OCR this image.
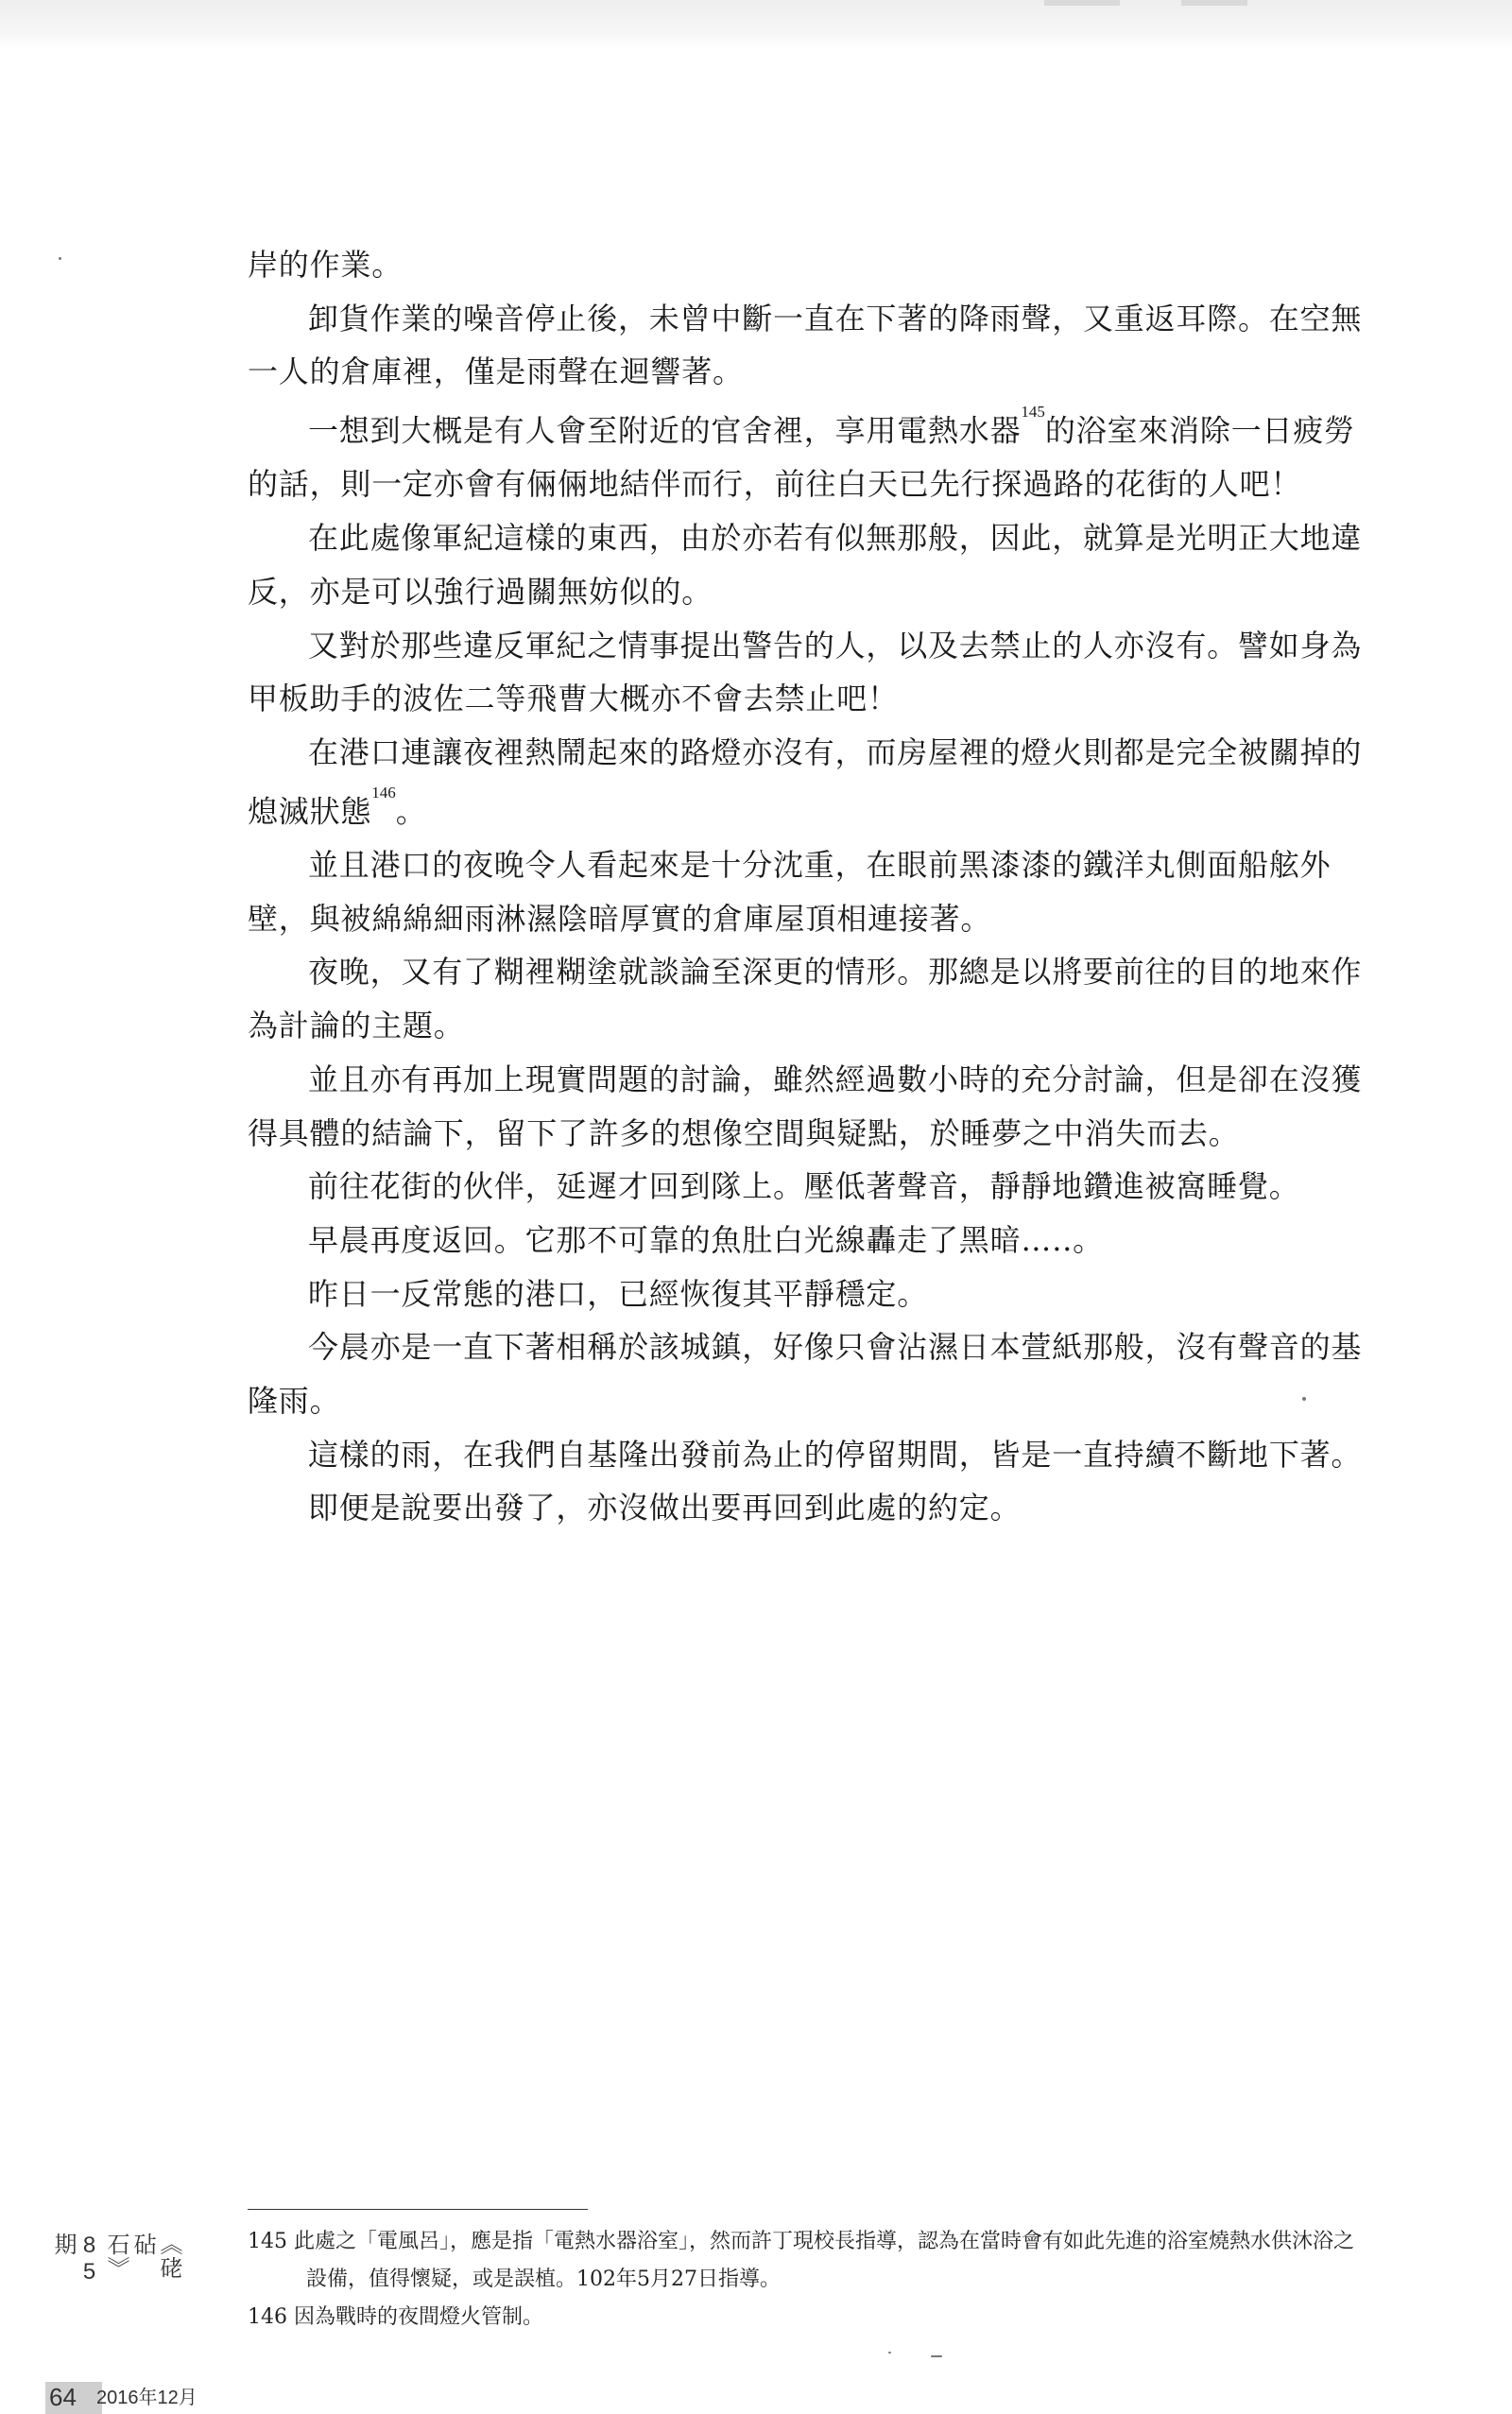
岸的作業。

卸貨作業的噪音停止後，未曾中斷一直在下著的降雨聲，又重返耳際。在空無一人的倉庫裡，僅是雨聲在迴響著。

一想到大概是有人會至附近的官舍裡，享用電熱水器$^{145}$的浴室來消除一日疲勞的話，則一定亦會有倆倆地結伴而行，前往白天已先行探過路的花街的人吧！

在此處像軍紀這樣的東西，由於亦若有似無那般，因此，就算是光明正大地違反，亦是可以強行過關無妨似的。

又對於那些違反軍紀之情事提出警告的人，以及去禁止的人亦沒有。譬如身為甲板助手的波佐二等飛曹大概亦不會去禁止吧！

在港口連讓夜裡熱鬧起來的路燈亦沒有，而房屋裡的燈火則都是完全被關掉的熄滅狀態$^{146}$。

並且港口的夜晚令人看起來是十分沈重，在眼前黑漆漆的鐵洋丸側面船舷外壁，與被綿綿細雨淋濕陰暗厚實的倉庫屋頂相連接著。

夜晚，又有了糊裡糊塗就談論至深更的情形。那總是以將要前往的目的地來作為計論的主題。

並且亦有再加上現實問題的討論，雖然經過數小時的充分討論，但是卻在沒獲得具體的結論下，留下了許多的想像空間與疑點，於睡夢之中消失而去。

前往花街的伙伴，延遲才回到隊上。壓低著聲音，靜靜地鑽進被窩睡覺。

早晨再度返回。它那不可靠的魚肚白光線轟走了黑暗…..。

昨日一反常態的港口，已經恢復其平靜穩定。

今晨亦是一直下著相稱於該城鎮，好像只會沾濕日本萱紙那般，沒有聲音的基隆雨。

這樣的雨，在我們自基隆出發前為止的停留期間，皆是一直持續不斷地下著。

即便是說要出發了，亦沒做出要再回到此處的約定。

145 此處之「電風呂」，應是指「電熱水器浴室」，然而許丁現校長指導，認為在當時會有如此先進的浴室燒熱水供沐浴之設備，值得懷疑，或是誤植。102年5月27日指導。

146 因為戰時的夜間燈火管制。

《硓砧石》85期
64 2016年12月
